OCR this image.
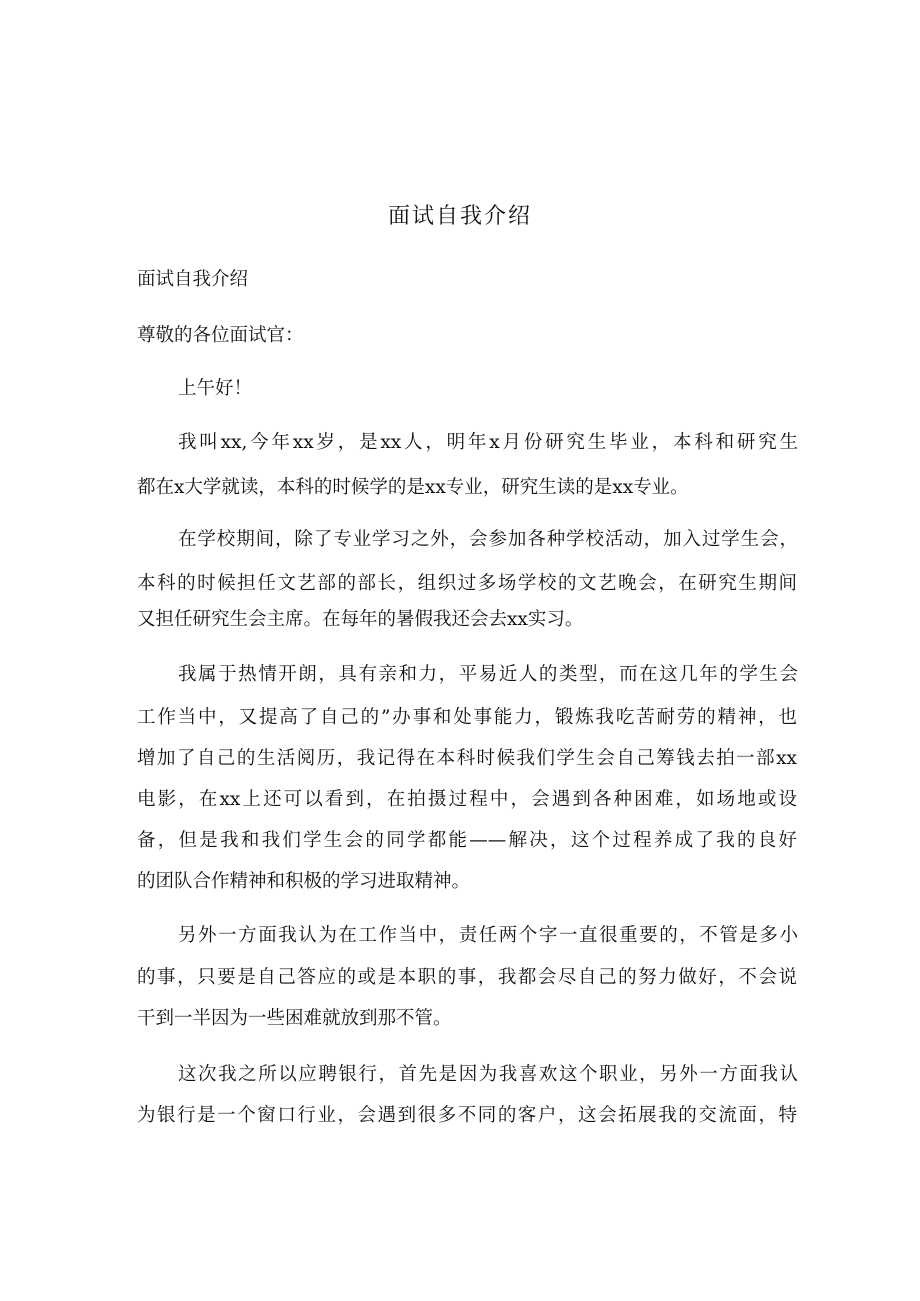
面试自我介绍
面试自我介绍
尊敬的各位面试官：
上午好！
我叫xx,今年xx岁，是xx人，明年x月份研究生毕业，本科和研究生
都在x大学就读，本科的时候学的是xx专业，研究生读的是xx专业。
在学校期间，除了专业学习之外，会参加各种学校活动，加入过学生会，
本科的时候担任文艺部的部长，组织过多场学校的文艺晚会，在研究生期间
又担任研究生会主席。在每年的暑假我还会去xx实习。
我属于热情开朗，具有亲和力，平易近人的类型，而在这几年的学生会
工作当中，又提高了自己的”办事和处事能力，锻炼我吃苦耐劳的精神，也
增加了自己的生活阅历，我记得在本科时候我们学生会自己筹钱去拍一部xx
电影，在xx上还可以看到，在拍摄过程中，会遇到各种困难，如场地或设
备，但是我和我们学生会的同学都能——解决，这个过程养成了我的良好
的团队合作精神和积极的学习进取精神。
另外一方面我认为在工作当中，责任两个字一直很重要的，不管是多小
的事，只要是自己答应的或是本职的事，我都会尽自己的努力做好，不会说
干到一半因为一些困难就放到那不管。
这次我之所以应聘银行，首先是因为我喜欢这个职业，另外一方面我认
为银行是一个窗口行业，会遇到很多不同的客户，这会拓展我的交流面，特
